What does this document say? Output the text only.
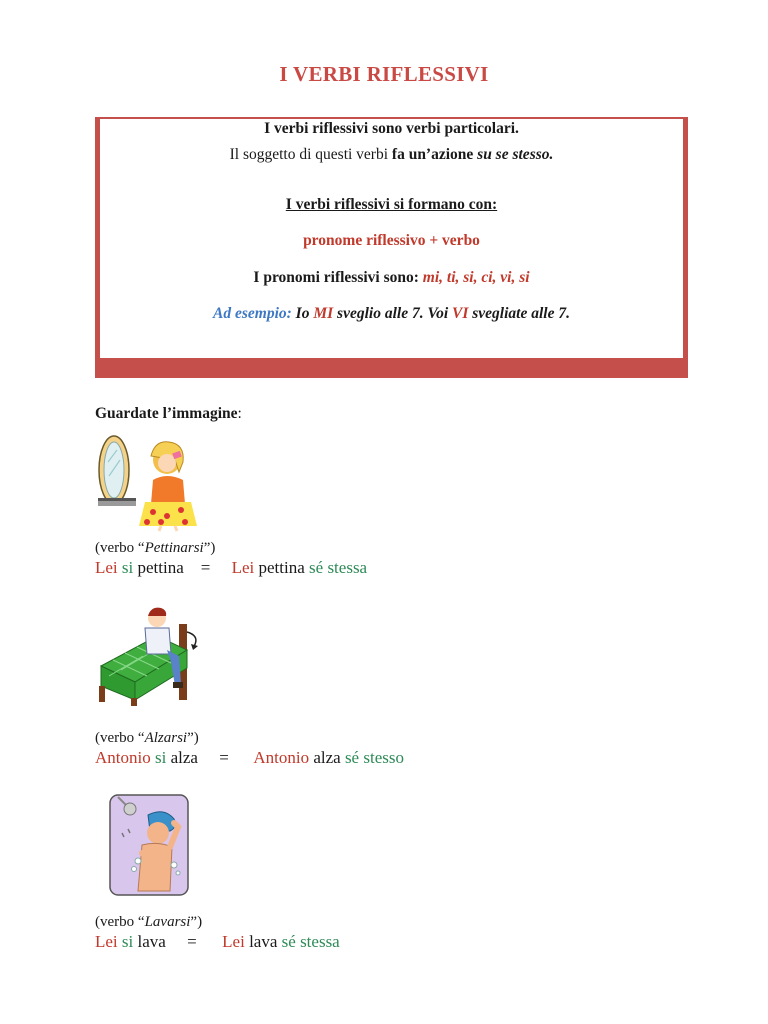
I VERBI RIFLESSIVI
I verbi riflessivi sono verbi particolari.
Il soggetto di questi verbi fa un’azione su se stesso.
I verbi riflessivi si formano con:
pronome riflessivo + verbo
I pronomi riflessivi sono: mi, ti, si, ci, vi, si
Ad esempio: Io MI sveglio alle 7. Voi VI svegliate alle 7.
Guardate l’immagine:
(verbo “Pettinarsi”)
Lei si pettina    =     Lei pettina sé stessa
(verbo “Alzarsi”)
Antonio si alza     =      Antonio alza sé stesso
(verbo “Lavarsi”)
Lei si lava     =      Lei lava sé stessa
